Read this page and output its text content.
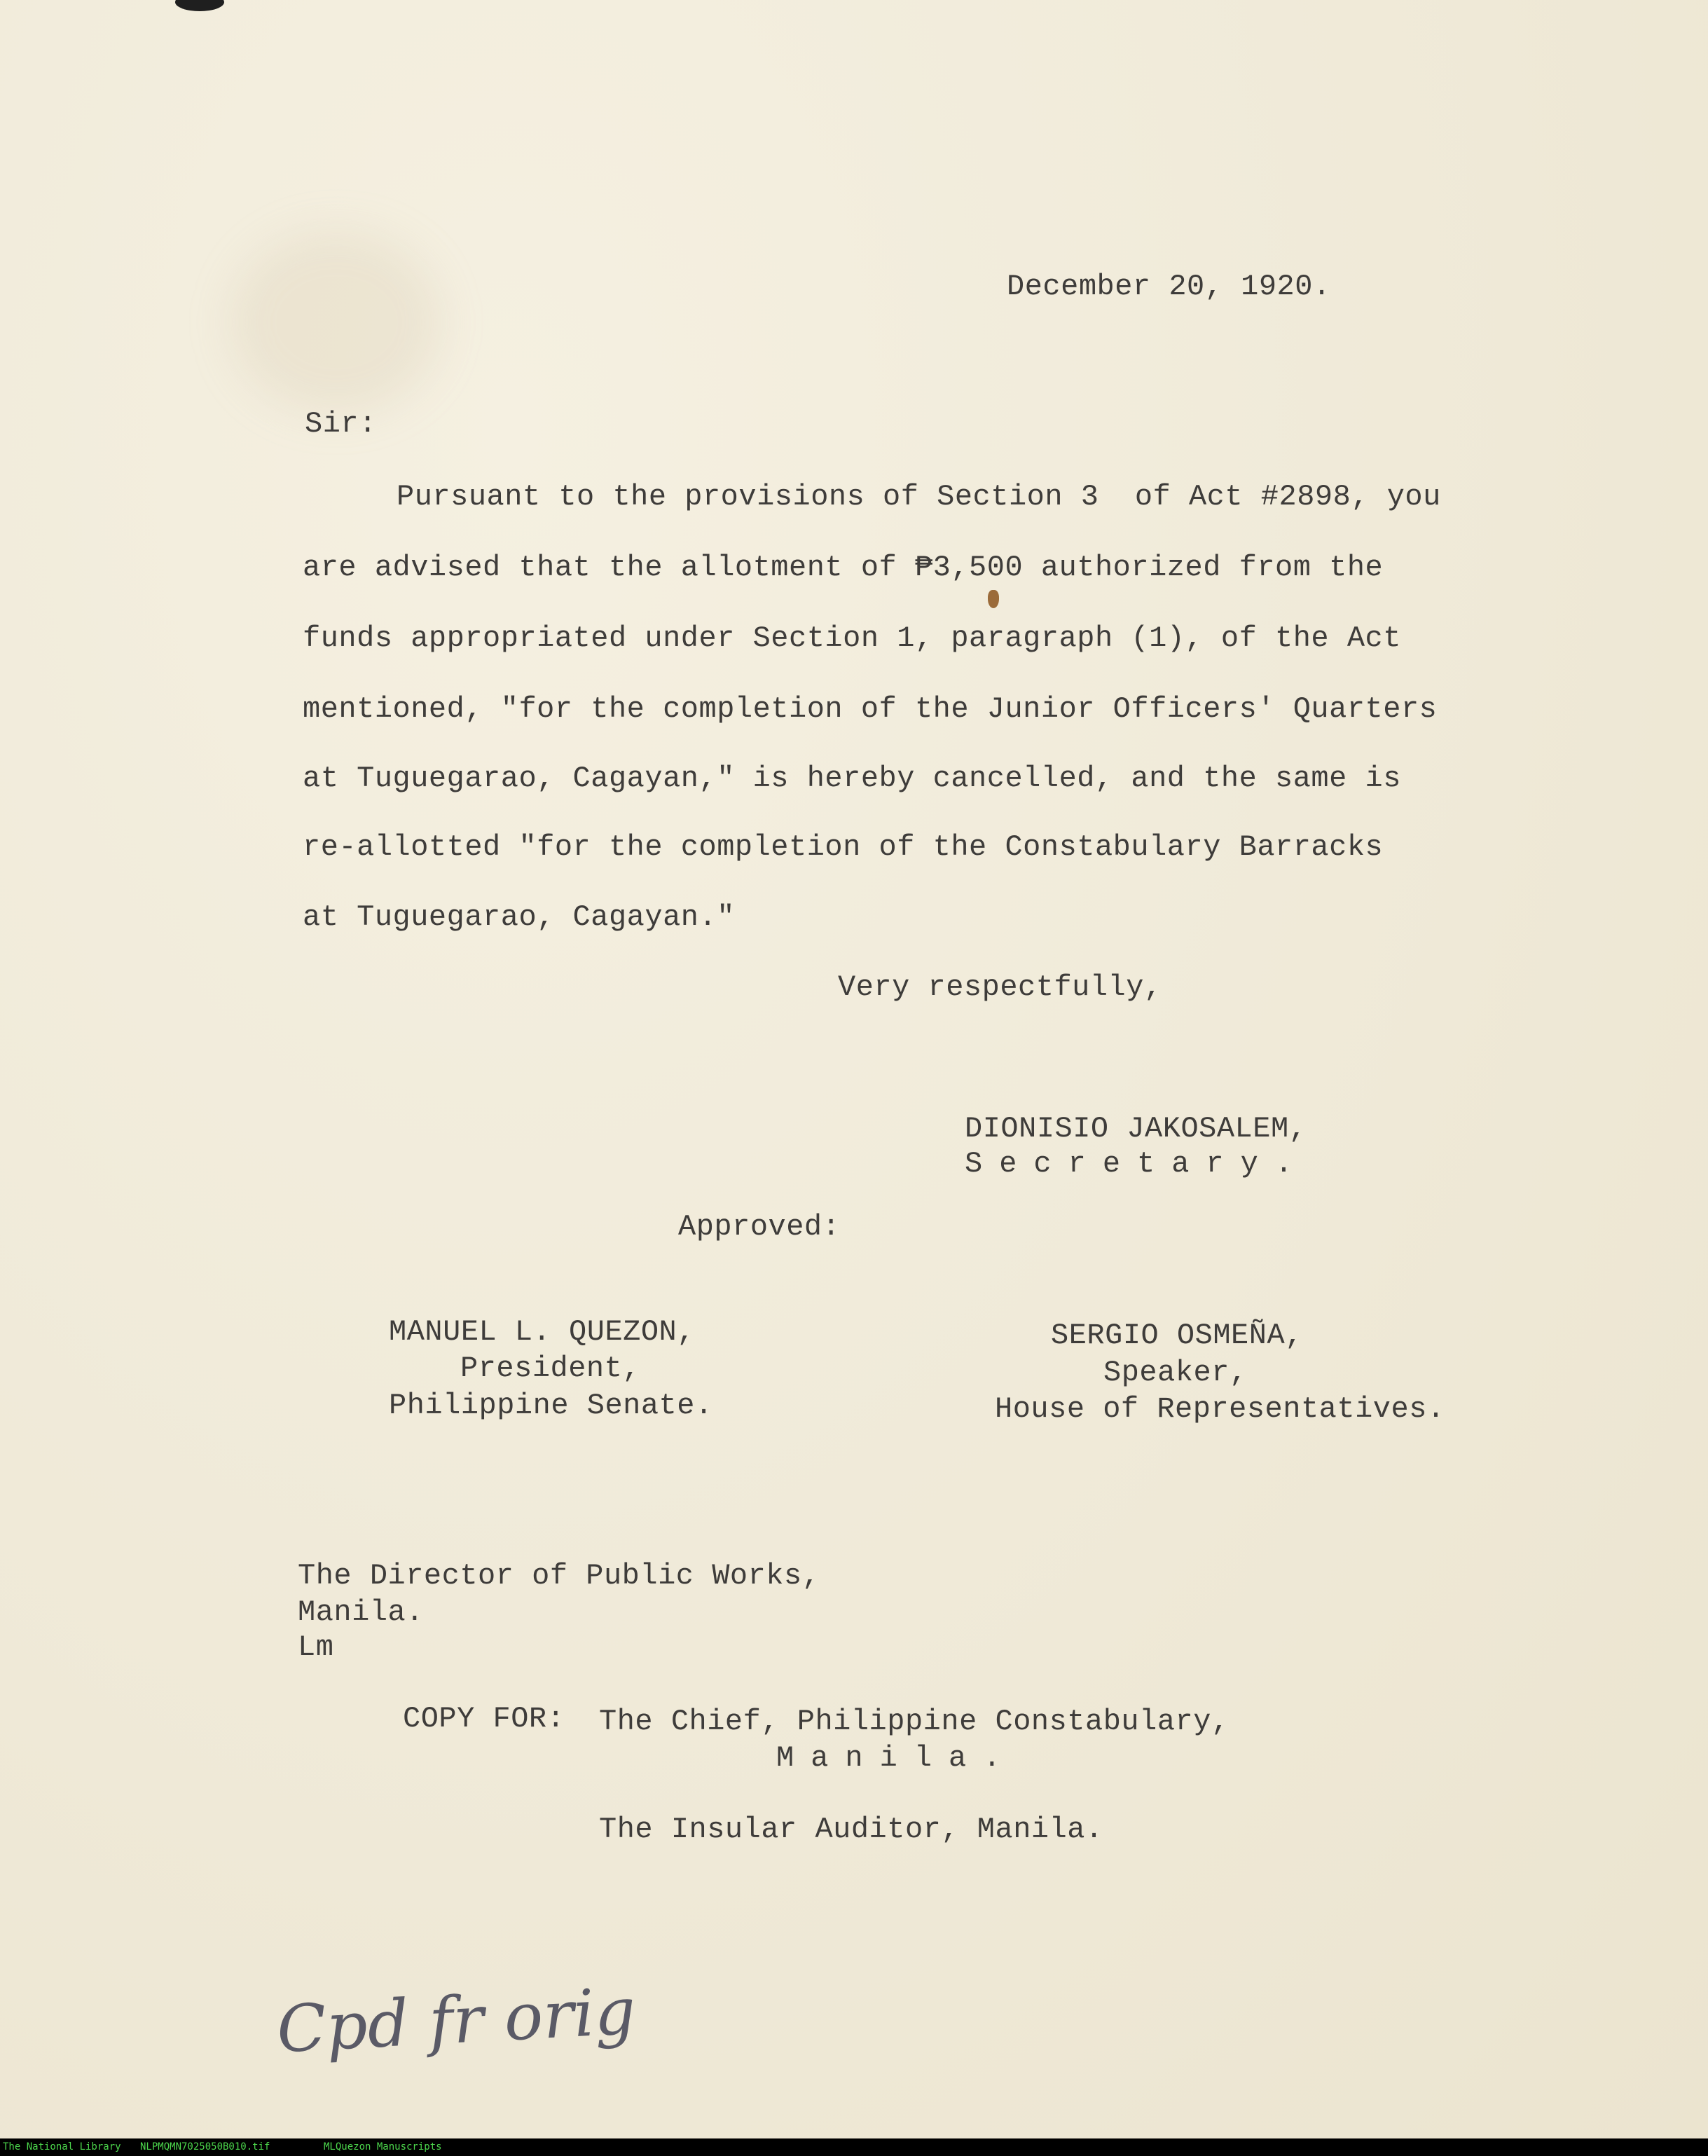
December 20, 1920.
Sir:
Pursuant to the provisions of Section 3  of Act #2898, you
are advised that the allotment of ₱3,500 authorized from the
funds appropriated under Section 1, paragraph (1), of the Act
mentioned, "for the completion of the Junior Officers' Quarters
at Tuguegarao, Cagayan," is hereby cancelled, and the same is
re-allotted "for the completion of the Constabulary Barracks
at Tuguegarao, Cagayan."
Very respectfully,
DIONISIO JAKOSALEM,
Secretary.
Approved:
MANUEL L. QUEZON,
President,
Philippine Senate.
SERGIO OSMEÑA,
Speaker,
House of Representatives.
The Director of Public Works,
Manila.
Lm
COPY FOR: The Chief, Philippine Constabulary,
Manila.
The Insular Auditor, Manila.
Cpd fr orig
The National Library NLPMQMN7025050B010.tif	MLQuezon Manuscripts
